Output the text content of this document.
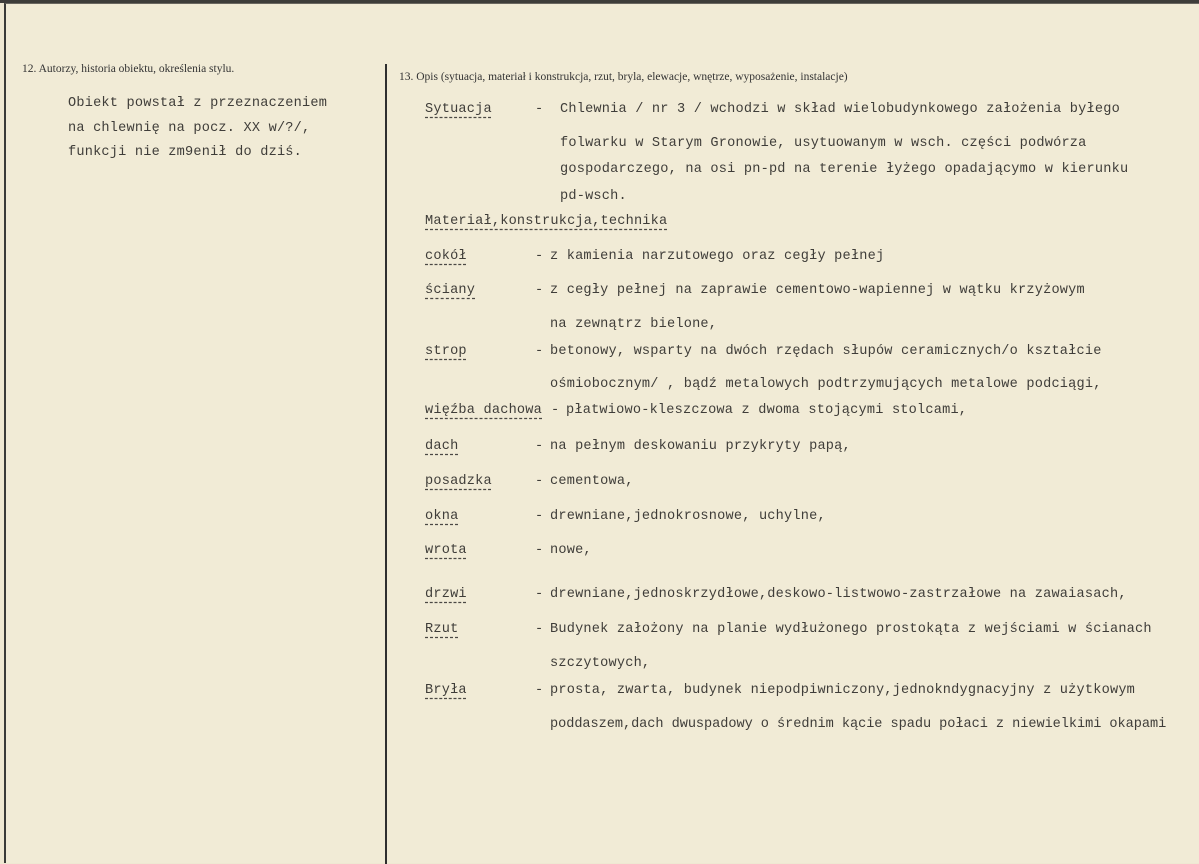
12. Autorzy, historia obiektu, określenia stylu.
Obiekt powstał z przeznaczeniem
na chlewnię na pocz. XX w/?/,
funkcji nie zm9enił do dziś.
13. Opis (sytuacja, materiał i konstrukcja, rzut, bryla, elewacje, wnętrze, wyposażenie, instalacje)
Sytuacja	- Chlewnia / nr 3 / wchodzi w skład wielobudynkowego założenia byłego
folwarku w Starym Gronowie, usytuowanym w wsch. części podwórza
gospodarczego, na osi pn-pd na terenie łyżego opadającymo w kierunku
pd-wsch.
Materiał,konstrukcja,technika
cokół	- z kamienia narzutowego oraz cegły pełnej
ściany	- z cegły pełnej na zaprawie cementowo-wapiennej w wątku krzyżowym
na zewnątrz bielone,
strop	- betonowy, wsparty na dwóch rzędach słupów ceramicznych/o kształcie
ośmiobocznym/ , bądź metalowych podtrzymujących metalowe podciągi,
więźba dachowa - płatwiowo-kleszczowa z dwoma stojącymi stolcami,
dach	- na pełnym deskowaniu przykryty papą,
posadzka	- cementowa,
okna	- drewniane,jednokrosnowe, uchylne,
wrota	- nowe,
drzwi	- drewniane,jednoskrzydłowe,deskowo-listwowo-zastrzałowe na zawaiasach,
Rzut	- Budynek założony na planie wydłużonego prostokąta z wejściami w ścianach
szczytowych,
Bryła	- prosta, zwarta, budynek niepodpiwniczony,jednokndygnacyjny z użytkowym
poddaszem,dach dwuspadowy o średnim kącie spadu połaci z niewielkimi okapami
